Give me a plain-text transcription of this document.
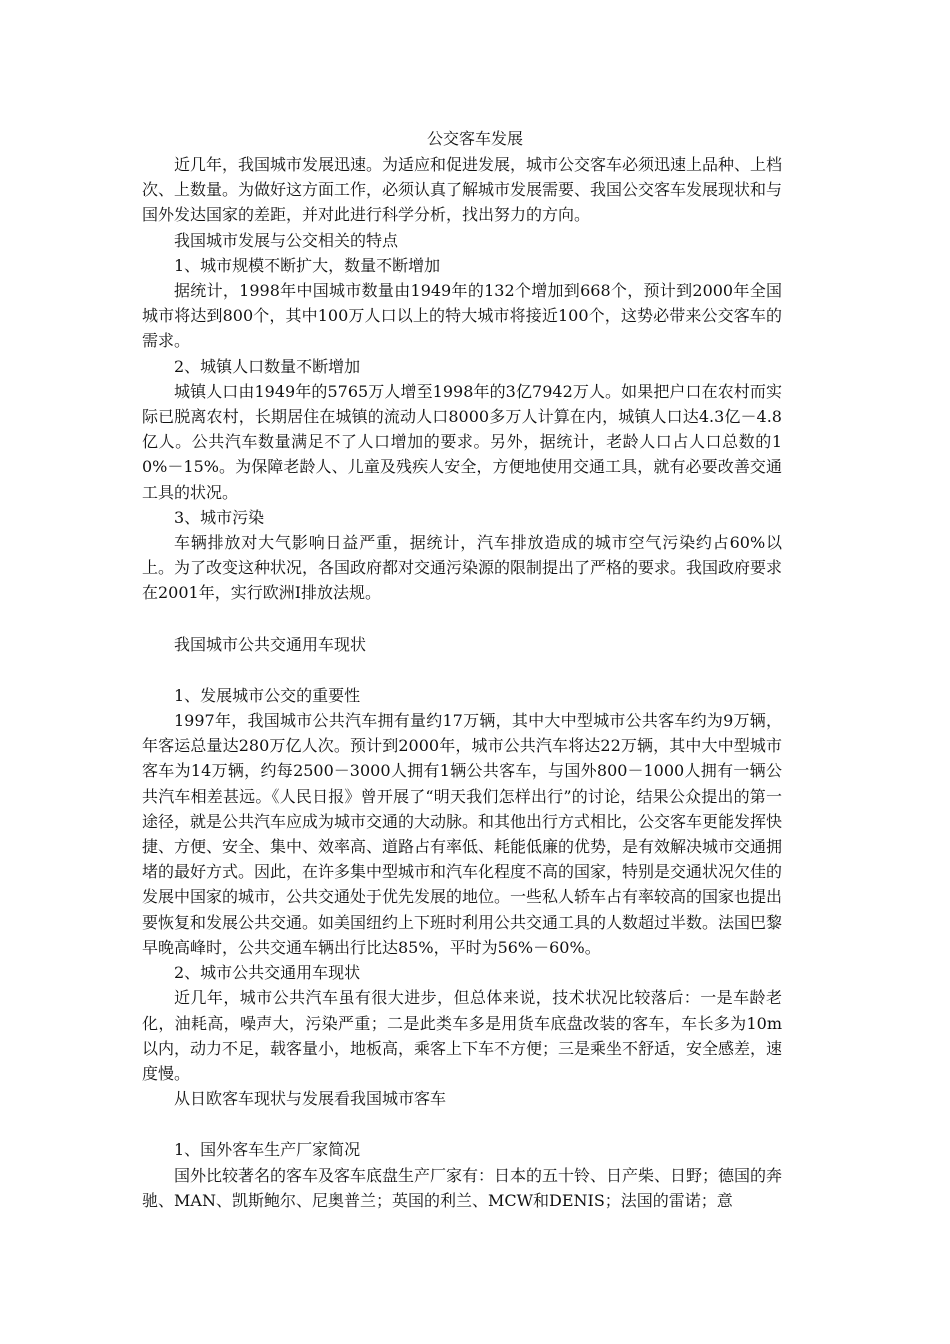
公交客车发展

近几年，我国城市发展迅速。为适应和促进发展，城市公交客车必须迅速上品种、上档次、上数量。为做好这方面工作，必须认真了解城市发展需要、我国公交客车发展现状和与国外发达国家的差距，并对此进行科学分析，找出努力的方向。

我国城市发展与公交相关的特点

1、城市规模不断扩大，数量不断增加

据统计，1998年中国城市数量由1949年的132个增加到668个，预计到2000年全国城市将达到800个，其中100万人口以上的特大城市将接近100个，这势必带来公交客车的需求。

2、城镇人口数量不断增加

城镇人口由1949年的5765万人增至1998年的3亿7942万人。如果把户口在农村而实际已脱离农村，长期居住在城镇的流动人口8000多万人计算在内，城镇人口达4.3亿－4.8亿人。公共汽车数量满足不了人口增加的要求。另外，据统计，老龄人口占人口总数的10%－15%。为保障老龄人、儿童及残疾人安全，方便地使用交通工具，就有必要改善交通工具的状况。

3、城市污染

车辆排放对大气影响日益严重，据统计，汽车排放造成的城市空气污染约占60%以上。为了改变这种状况，各国政府都对交通污染源的限制提出了严格的要求。我国政府要求在2001年，实行欧洲Ⅰ排放法规。

我国城市公共交通用车现状

1、发展城市公交的重要性

1997年，我国城市公共汽车拥有量约17万辆，其中大中型城市公共客车约为9万辆，年客运总量达280万亿人次。预计到2000年，城市公共汽车将达22万辆，其中大中型城市客车为14万辆，约每2500－3000人拥有1辆公共客车，与国外800－1000人拥有一辆公共汽车相差甚远。《人民日报》曾开展了“明天我们怎样出行”的讨论，结果公众提出的第一途径，就是公共汽车应成为城市交通的大动脉。和其他出行方式相比，公交客车更能发挥快捷、方便、安全、集中、效率高、道路占有率低、耗能低廉的优势，是有效解决城市交通拥堵的最好方式。因此，在许多集中型城市和汽车化程度不高的国家，特别是交通状况欠佳的发展中国家的城市，公共交通处于优先发展的地位。一些私人轿车占有率较高的国家也提出要恢复和发展公共交通。如美国纽约上下班时利用公共交通工具的人数超过半数。法国巴黎早晚高峰时，公共交通车辆出行比达85%，平时为56%－60%。

2、城市公共交通用车现状

近几年，城市公共汽车虽有很大进步，但总体来说，技术状况比较落后：一是车龄老化，油耗高，噪声大，污染严重；二是此类车多是用货车底盘改装的客车，车长多为10m以内，动力不足，载客量小，地板高，乘客上下车不方便；三是乘坐不舒适，安全感差，速度慢。

从日欧客车现状与发展看我国城市客车

1、国外客车生产厂家简况

国外比较著名的客车及客车底盘生产厂家有：日本的五十铃、日产柴、日野；德国的奔驰、MAN、凯斯鲍尔、尼奥普兰；英国的利兰、MCW和DENIS；法国的雷诺；意
